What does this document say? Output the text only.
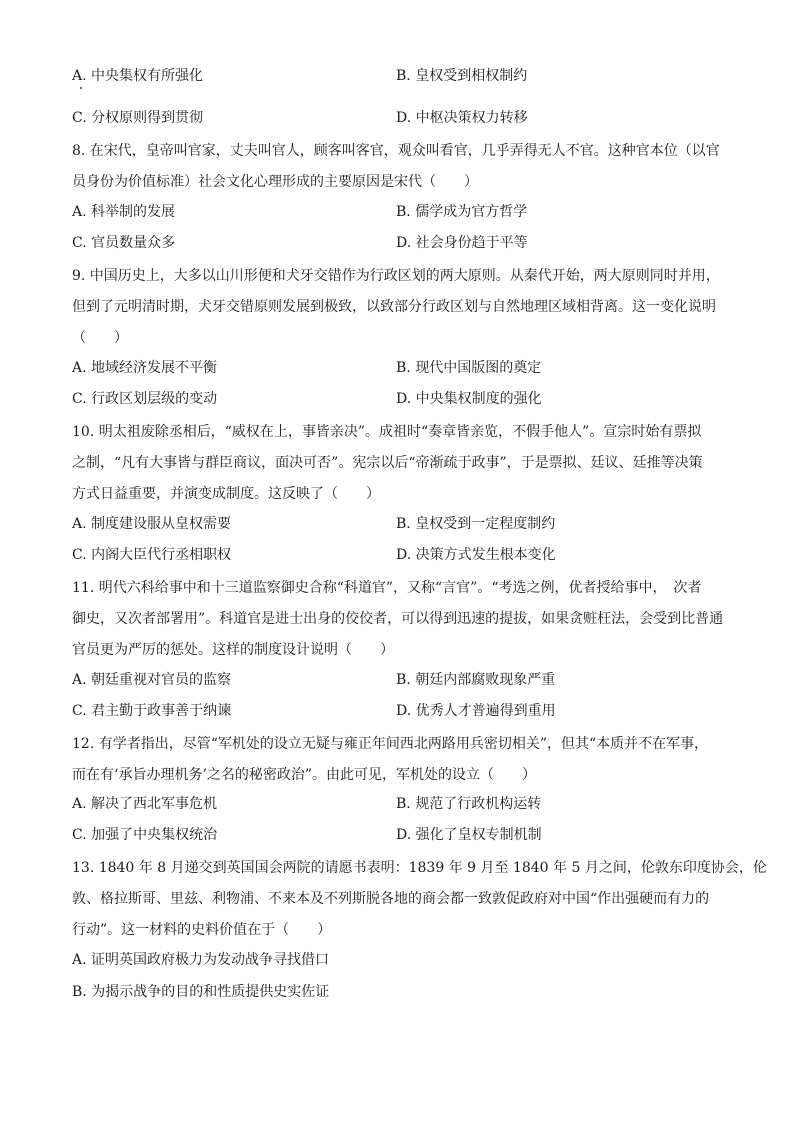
A. 中央集权有所强化	B. 皇权受到相权制约
C. 分权原则得到贯彻	D. 中枢决策权力转移
8. 在宋代，皇帝叫官家，丈夫叫官人，顾客叫客官，观众叫看官，几乎弄得无人不官。这种官本位（以官
员身份为价值标准）社会文化心理形成的主要原因是宋代（　　）
A. 科举制的发展	B. 儒学成为官方哲学
C. 官员数量众多	D. 社会身份趋于平等
9. 中国历史上，大多以山川形便和犬牙交错作为行政区划的两大原则。从秦代开始，两大原则同时并用，
但到了元明清时期，犬牙交错原则发展到极致，以致部分行政区划与自然地理区域相背离。这一变化说明
（　　）
A. 地域经济发展不平衡	B. 现代中国版图的奠定
C. 行政区划层级的变动	D. 中央集权制度的强化
10. 明太祖废除丞相后，“威权在上，事皆亲决”。成祖时“奏章皆亲览，不假手他人”。宣宗时始有票拟
之制，“凡有大事皆与群臣商议，面决可否”。宪宗以后“帝渐疏于政事”，于是票拟、廷议、廷推等决策
方式日益重要，并演变成制度。这反映了（　　）
A. 制度建设服从皇权需要	B. 皇权受到一定程度制约
C. 内阁大臣代行丞相职权	D. 决策方式发生根本变化
11. 明代六科给事中和十三道监察御史合称“科道官”，又称“言官”。“考选之例，优者授给事中，　次者
御史，又次者部署用”。科道官是进士出身的佼佼者，可以得到迅速的提拔，如果贪赃枉法，会受到比普通
官员更为严厉的惩处。这样的制度设计说明（　　）
A. 朝廷重视对官员的监察	B. 朝廷内部腐败现象严重
C. 君主勤于政事善于纳谏	D. 优秀人才普遍得到重用
12. 有学者指出，尽管“军机处的设立无疑与雍正年间西北两路用兵密切相关”，但其“本质并不在军事，
而在有‘承旨办理机务’之名的秘密政治”。由此可见，军机处的设立（　　）
A. 解决了西北军事危机	B. 规范了行政机构运转
C. 加强了中央集权统治	D. 强化了皇权专制机制
13. 1840 年 8 月递交到英国国会两院的请愿书表明：1839 年 9 月至 1840 年 5 月之间，伦敦东印度协会，伦
敦、格拉斯哥、里兹、利物浦、不来本及不列斯脱各地的商会都一致敦促政府对中国“作出强硬而有力的
行动”。这一材料的史料价值在于（　　）
A. 证明英国政府极力为发动战争寻找借口
B. 为揭示战争的目的和性质提供史实佐证
